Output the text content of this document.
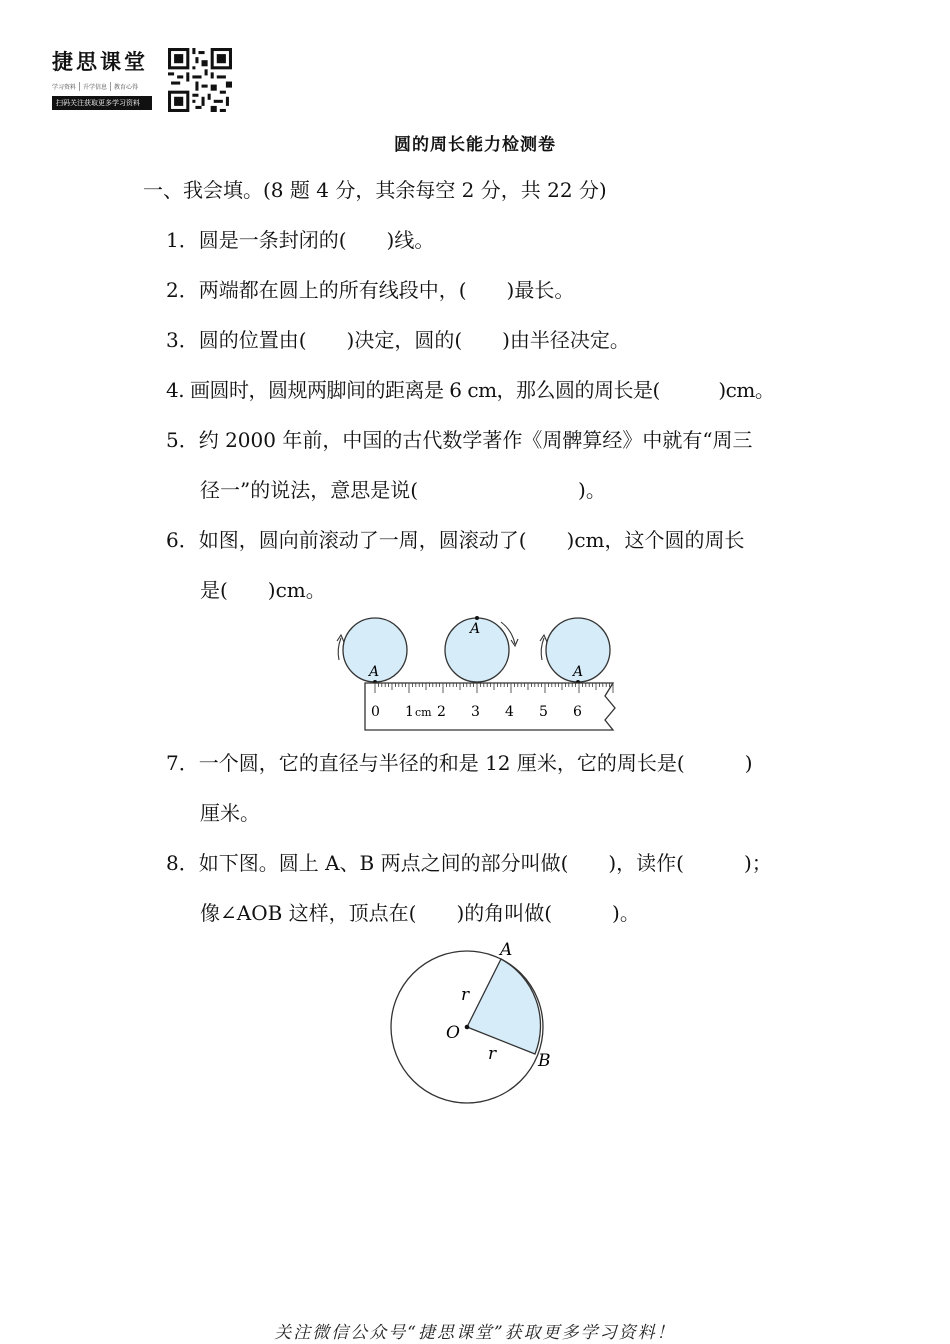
捷思课堂
学习资料	升学信息	教育心得
扫码关注获取更多学习资料
圆的周长能力检测卷
一、我会填。(8 题 4 分，其余每空 2 分，共 22 分)
1．圆是一条封闭的(　　)线。
2．两端都在圆上的所有线段中，(　　)最长。
3．圆的位置由(　　)决定，圆的(　　)由半径决定。
4. 画圆时，圆规两脚间的距离是 6 cm，那么圆的周长是(　　　)cm。
5．约 2000 年前，中国的古代数学著作《周髀算经》中就有“周三
径一”的说法，意思是说(　　　　　　　　)。
6．如图，圆向前滚动了一周，圆滚动了(　　)cm，这个圆的周长
是(　　)cm。
A
A
A
0 1 cm 2 3 4 5 6
7．一个圆，它的直径与半径的和是 12 厘米，它的周长是(　　　)
厘米。
8．如下图。圆上 A、B 两点之间的部分叫做(　　)，读作(　　　)；
像∠AOB 这样，顶点在(　　)的角叫做(　　　)。
A
B
O
r
r
关注微信公众号“捷思课堂”获取更多学习资料！
